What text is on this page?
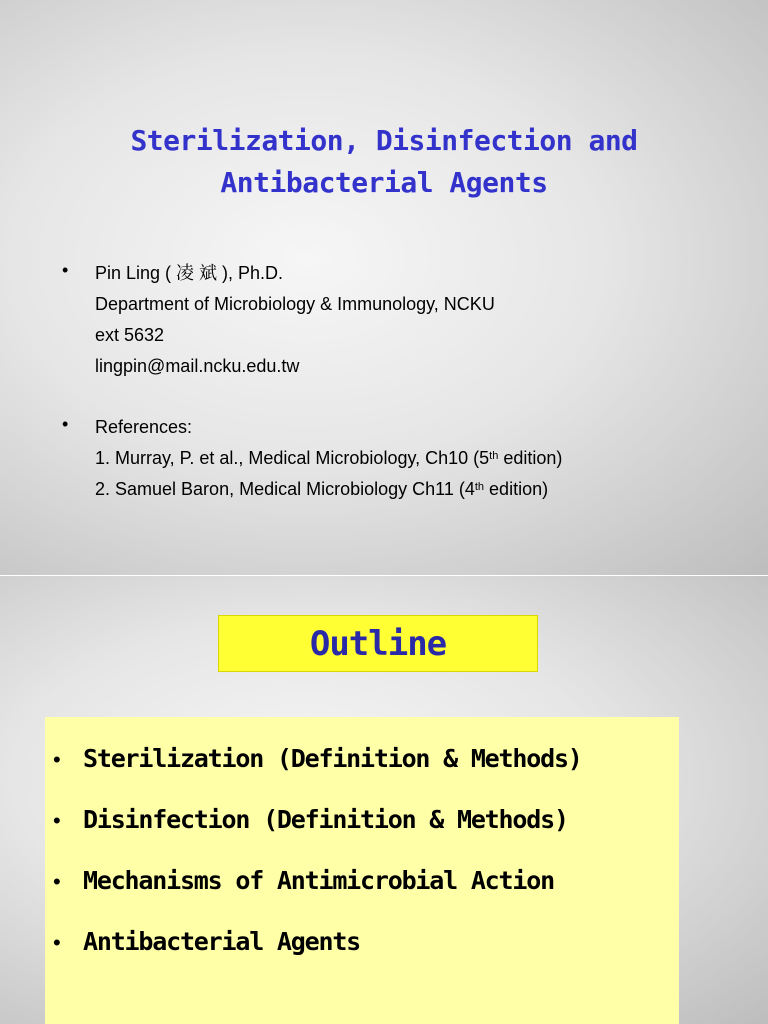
Sterilization, Disinfection and
Antibacterial Agents
• Pin Ling ( 凌 斌 ), Ph.D.
Department of Microbiology & Immunology, NCKU
ext 5632
lingpin@mail.ncku.edu.tw
• References:
1. Murray, P. et al., Medical Microbiology, Ch10 (5th edition)
2. Samuel Baron, Medical Microbiology Ch11 (4th edition)
Outline
• Sterilization (Definition & Methods)
• Disinfection (Definition & Methods)
• Mechanisms of Antimicrobial Action
• Antibacterial Agents
